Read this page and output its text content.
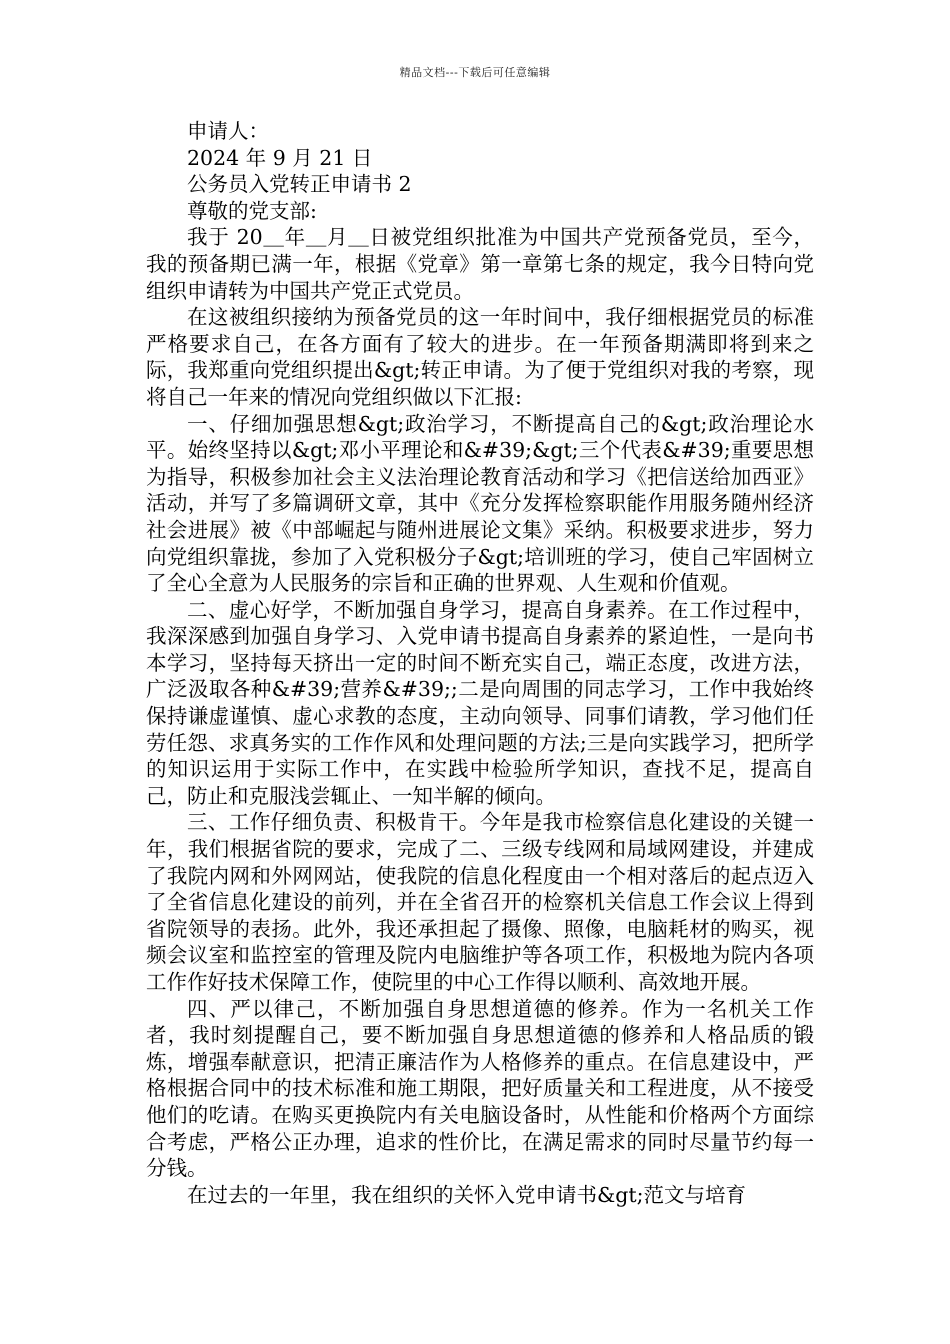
精品文档---下载后可任意编辑

申请人：

2024 年 9 月 21 日

公务员入党转正申请书 2

尊敬的党支部:

我于 20＿年＿月＿日被党组织批准为中国共产党预备党员，至今，我的预备期已满一年，根据《党章》第一章第七条的规定，我今日特向党组织申请转为中国共产党正式党员。

在这被组织接纳为预备党员的这一年时间中，我仔细根据党员的标准严格要求自己，在各方面有了较大的进步。在一年预备期满即将到来之际，我郑重向党组织提出&gt;转正申请。为了便于党组织对我的考察，现将自己一年来的情况向党组织做以下汇报:

一、仔细加强思想&gt;政治学习，不断提高自己的&gt;政治理论水平。始终坚持以&gt;邓小平理论和&#39;&gt;三个代表&#39;重要思想为指导，积极参加社会主义法治理论教育活动和学习《把信送给加西亚》活动，并写了多篇调研文章，其中《充分发挥检察职能作用服务随州经济社会进展》被《中部崛起与随州进展论文集》采纳。积极要求进步，努力向党组织靠拢，参加了入党积极分子&gt;培训班的学习，使自己牢固树立了全心全意为人民服务的宗旨和正确的世界观、人生观和价值观。

二、虚心好学，不断加强自身学习，提高自身素养。在工作过程中，我深深感到加强自身学习、入党申请书提高自身素养的紧迫性，一是向书本学习，坚持每天挤出一定的时间不断充实自己，端正态度，改进方法，广泛汲取各种&#39;营养&#39;;二是向周围的同志学习，工作中我始终保持谦虚谨慎、虚心求教的态度，主动向领导、同事们请教，学习他们任劳任怨、求真务实的工作作风和处理问题的方法;三是向实践学习，把所学的知识运用于实际工作中，在实践中检验所学知识，查找不足，提高自己，防止和克服浅尝辄止、一知半解的倾向。

三、工作仔细负责、积极肯干。今年是我市检察信息化建设的关键一年，我们根据省院的要求，完成了二、三级专线网和局域网建设，并建成了我院内网和外网网站，使我院的信息化程度由一个相对落后的起点迈入了全省信息化建设的前列，并在全省召开的检察机关信息工作会议上得到省院领导的表扬。此外，我还承担起了摄像、照像，电脑耗材的购买，视频会议室和监控室的管理及院内电脑维护等各项工作，积极地为院内各项工作作好技术保障工作，使院里的中心工作得以顺利、高效地开展。

四、严以律己，不断加强自身思想道德的修养。作为一名机关工作者，我时刻提醒自己，要不断加强自身思想道德的修养和人格品质的锻炼，增强奉献意识，把清正廉洁作为人格修养的重点。在信息建设中，严格根据合同中的技术标准和施工期限，把好质量关和工程进度，从不接受他们的吃请。在购买更换院内有关电脑设备时，从性能和价格两个方面综合考虑，严格公正办理，追求的性价比，在满足需求的同时尽量节约每一分钱。

在过去的一年里，我在组织的关怀入党申请书&gt;范文与培育
